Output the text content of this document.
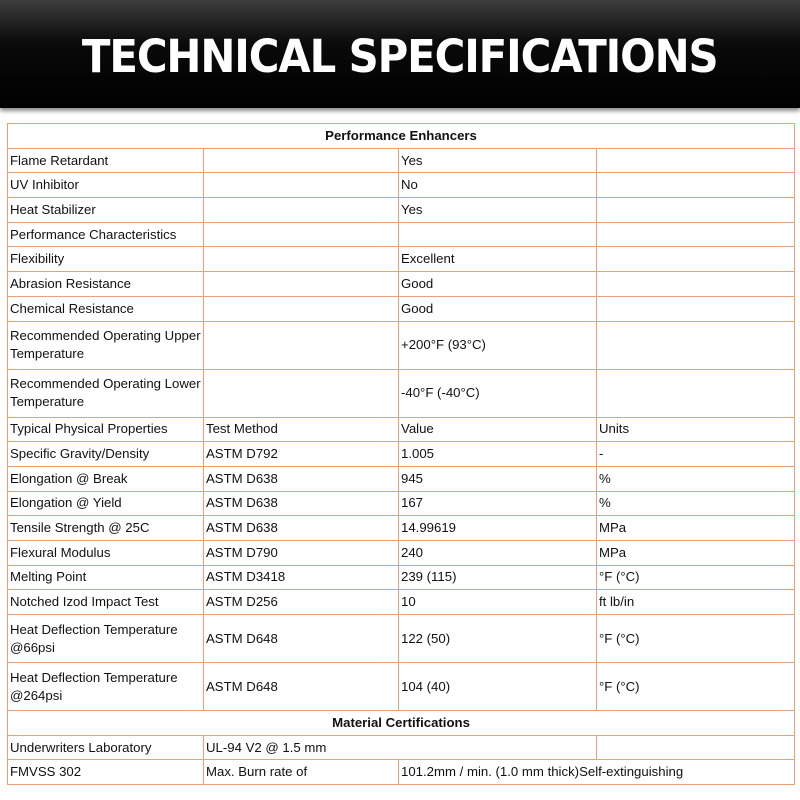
TECHNICAL SPECIFICATIONS
Performance Enhancers			
Flame Retardant		Yes	
UV Inhibitor		No	
Heat Stabilizer		Yes	
Performance Characteristics			
Flexibility		Excellent	
Abrasion Resistance		Good	
Chemical Resistance		Good	
Recommended Operating Upper Temperature		+200°F (93°C)	
Recommended Operating Lower Temperature		-40°F (-40°C)	
Typical Physical Properties	Test Method	Value	Units
Specific Gravity/Density	ASTM D792	1.005	-
Elongation @ Break	ASTM D638	945	%
Elongation @ Yield	ASTM D638	167	%
Tensile Strength @ 25C	ASTM D638	14.99619	MPa
Flexural Modulus	ASTM D790	240	MPa
Melting Point	ASTM D3418	239 (115)	°F (°C)
Notched Izod Impact Test	ASTM D256	10	ft lb/in
Heat Deflection Temperature @66psi	ASTM D648	122 (50)	°F (°C)
Heat Deflection Temperature @264psi	ASTM D648	104 (40)	°F (°C)
Material Certifications			
Underwriters Laboratory	UL-94 V2 @ 1.5 mm		
FMVSS 302	Max. Burn rate of	101.2mm / min. (1.0 mm thick)Self-extinguishing	
